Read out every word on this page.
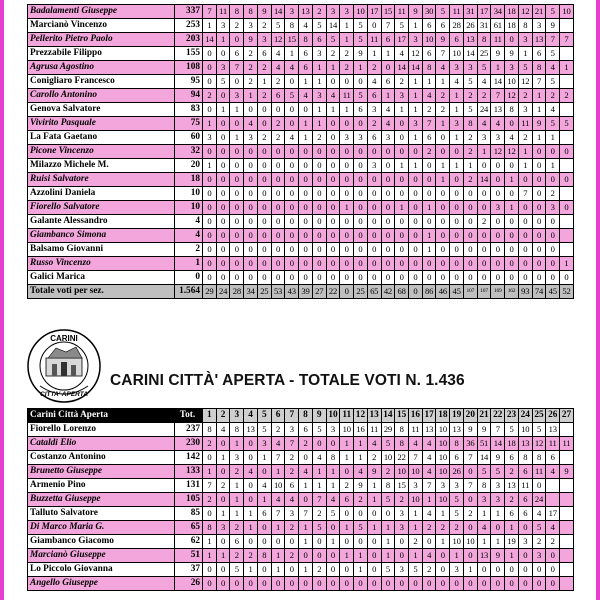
Badalamenti Giuseppe	337	7	11	8	8	9	14	3	13	2	3	3	10	17	15	11	9	30	5	11	31	17	34	18	12	21	5	10
Marcianò Vincenzo	253	1	3	2	3	2	5	8	4	5	14	1	5	0	7	5	1	6	6	28	26	31	61	18	8	3	9	
Pellerito Pietro Paolo	203	14	1	0	9	3	12	15	8	6	5	1	5	11	6	17	3	10	9	6	13	8	11	0	3	13	7	7
Prezzabile Filippo	155	0	0	6	2	6	4	1	6	3	2	2	9	1	1	4	12	6	7	10	14	25	9	9	1	6	5	
Agrusa Agostino	108	0	3	7	2	2	4	4	6	1	1	2	1	2	0	14	14	8	4	3	3	5	1	3	5	8	4	1
Conigliaro Francesco	95	0	5	0	2	1	2	0	1	1	0	0	0	4	6	2	1	1	1	4	5	4	14	10	12	7	5	
Carollo Antonino	94	2	0	3	1	2	6	5	4	3	4	11	5	6	1	3	1	4	2	1	2	2	7	12	2	1	2	2
Genova Salvatore	83	0	1	1	0	0	0	0	0	1	1	1	6	3	4	1	1	2	2	1	5	24	13	8	3	1	4	
Vivirito Pasquale	75	1	0	0	4	0	2	0	1	1	0	0	0	2	4	0	3	7	1	3	8	4	4	0	11	9	5	5
La Fata Gaetano	60	3	0	1	3	2	2	4	1	2	0	3	3	6	3	0	1	6	0	1	2	3	3	4	2	1	1	
Picone Vincenzo	32	0	0	0	0	0	0	0	0	0	0	0	0	0	0	0	0	2	0	0	2	1	12	12	1	0	0	0
Milazzo Michele M.	20	1	0	0	0	0	0	0	0	0	0	0	0	3	0	1	1	0	1	1	1	0	0	0	1	0	1	
Ruisi Salvatore	18	0	0	0	0	0	0	0	0	0	0	0	0	0	0	0	0	0	1	0	2	14	0	1	0	0	0	0
Azzolini Daniela	10	0	0	0	0	0	0	0	0	0	0	0	0	0	0	0	0	0	0	0	0	0	0	0	7	0	2	
Fiorello Salvatore	10	0	0	0	0	0	0	0	0	0	0	1	0	0	0	1	0	1	0	0	0	0	3	1	0	0	3	0
Galante Alessandro	4	0	0	0	0	0	0	0	0	0	0	0	0	0	0	0	0	0	0	0	0	2	0	0	0	0	0	
Giambanco Simona	4	0	0	0	0	0	0	0	0	0	0	0	0	0	0	0	0	1	0	0	0	0	0	0	0	0	0	
Balsamo Giovanni	2	0	0	0	0	0	0	0	0	0	0	0	0	0	0	0	0	1	0	0	0	0	0	0	0	0	0	
Russo Vincenzo	1	0	0	0	0	0	0	0	0	0	0	0	0	0	0	0	0	0	0	0	0	0	0	0	0	0	0	1
Galici Marica	0	0	0	0	0	0	0	0	0	0	0	0	0	0	0	0	0	0	0	0	0	0	0	0	0	0	0	0
Totale voti per sez.	1.564	29	24	28	34	25	53	43	39	27	22	0	25	65	42	68	0	86	46	45	107	107	169	162	93	74	45	52
CARINI
CITTA' APERTA
CARINI CITTÀ' APERTA - TOTALE VOTI N. 1.436
Carini Città Aperta	Tot.	1	2	3	4	5	6	7	8	9	10	11	12	13	14	15	16	17	18	19	20	21	22	23	24	25	26	27
Fiorello Lorenzo	237	8	4	8	13	5	2	3	6	5	3	10	16	11	29	8	11	13	10	13	9	9	7	5	10	5	13	
Cataldi Elio	230	2	0	1	0	3	4	7	2	0	0	1	1	4	5	8	4	4	10	8	36	51	14	18	13	12	11	11
Costanzo Antonino	142	0	1	3	0	1	7	2	0	4	8	1	1	2	10	22	7	4	10	6	7	14	9	6	8	8	6	
Brunetto Giuseppe	133	1	0	2	4	0	1	2	4	1	1	0	4	9	2	10	10	4	10	26	0	5	5	2	6	11	4	9
Armenio Pino	131	7	2	1	0	4	10	6	1	1	1	2	9	1	8	15	3	7	3	3	7	8	3	13	11	0		
Buzzetta Giuseppe	105	2	0	1	0	1	4	4	0	7	4	6	2	1	5	2	10	1	10	5	0	3	3	2	6	24		
Talluto Salvatore	85	0	1	1	1	6	7	3	7	2	5	0	0	0	0	3	1	4	1	5	2	1	1	6	6	4	17	
Di Marco Maria G.	65	8	3	2	1	0	1	2	1	5	0	1	5	1	1	3	1	2	2	2	0	4	0	1	0	5	4	
Giambanco Giacomo	62	1	0	6	0	0	0	0	1	0	1	0	0	0	1	0	2	0	1	10	10	1	1	19	3	2	2	
Marcianò Giuseppe	51	1	1	2	2	8	1	2	0	0	0	1	1	0	1	0	1	4	0	1	0	13	9	1	0	3	0	
Lo Piccolo Giovanna	37	0	0	5	1	0	1	0	1	2	0	0	1	0	5	3	5	2	0	3	1	0	0	0	0	0	0	
Angello Giuseppe	26	0	0	0	0	0	0	0	0	0	0	0	0	0	0	0	0	0	0	0	0	0	0	0	0	0	0	
